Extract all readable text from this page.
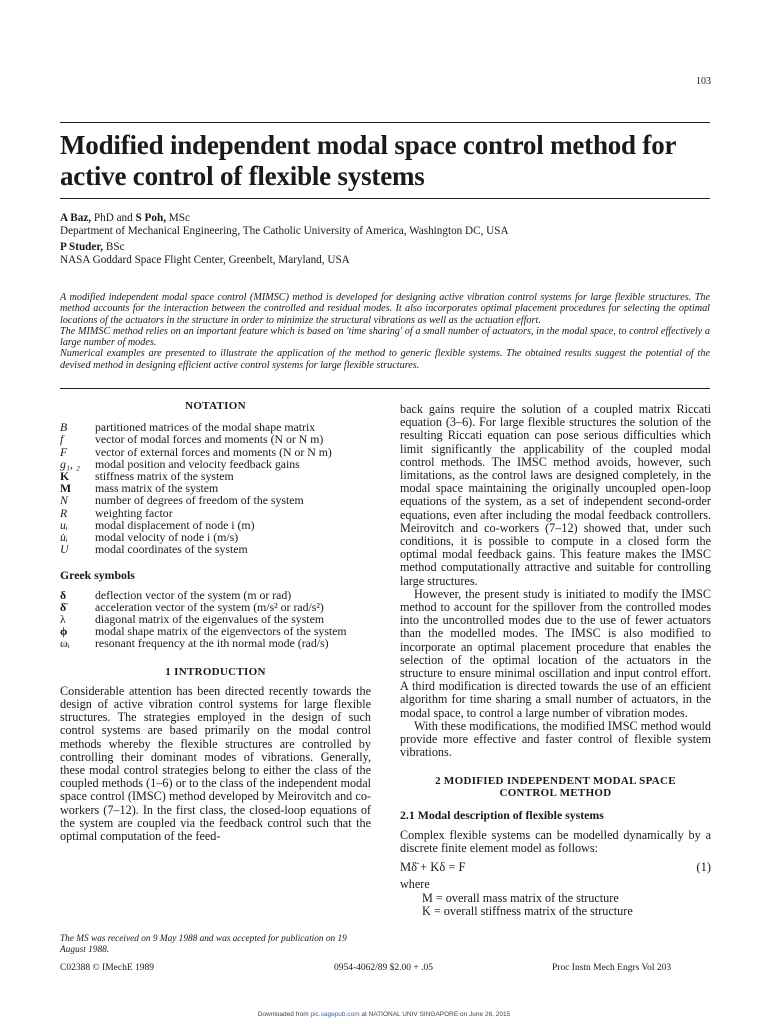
103
Modified independent modal space control method for active control of flexible systems
A Baz, PhD and S Poh, MSc
Department of Mechanical Engineering, The Catholic University of America, Washington DC, USA
P Studer, BSc
NASA Goddard Space Flight Center, Greenbelt, Maryland, USA

A modified independent modal space control (MIMSC) method is developed for designing active vibration control systems for large flexible structures. The method accounts for the interaction between the controlled and residual modes. It also incorporates optimal placement procedures for selecting the optimal locations of the actuators in the structure in order to minimize the structural vibrations as well as the actuation effort.

The MIMSC method relies on an important feature which is based on 'time sharing' of a small number of actuators, in the modal space, to control effectively a large number of modes.

Numerical examples are presented to illustrate the application of the method to generic flexible systems. The obtained results suggest the potential of the devised method in designing efficient active control systems for large flexible structures.

NOTATION
B	partitioned matrices of the modal shape matrix
f	vector of modal forces and moments (N or N m)
F	vector of external forces and moments (N or N m)
g₁, ₂	modal position and velocity feedback gains
K	stiffness matrix of the system
M	mass matrix of the system
N	number of degrees of freedom of the system
R	weighting factor
uᵢ	modal displacement of node i (m)
u̇ᵢ	modal velocity of node i (m/s)
U	modal coordinates of the system
Greek symbols
δ	deflection vector of the system (m or rad)
δ̈	acceleration vector of the system (m/s² or rad/s²)
λ	diagonal matrix of the eigenvalues of the system
ϕ	modal shape matrix of the eigenvectors of the system
ωᵢ	resonant frequency at the ith normal mode (rad/s)
1 INTRODUCTION

Considerable attention has been directed recently towards the design of active vibration control systems for large flexible structures. The strategies employed in the design of such control systems are based primarily on the modal control methods whereby the flexible structures are controlled by controlling their dominant modes of vibrations. Generally, these modal control strategies belong to either the class of the coupled methods (1–6) or to the class of the independent modal space control (IMSC) method developed by Meirovitch and co-workers (7–12). In the first class, the closed-loop equations of the system are coupled via the feedback control such that the optimal computation of the feed-

back gains require the solution of a coupled matrix Riccati equation (3–6). For large flexible structures the solution of the resulting Riccati equation can pose serious difficulties which limit significantly the applicability of the coupled modal control methods. The IMSC method avoids, however, such limitations, as the control laws are designed completely, in the modal space maintaining the originally uncoupled open-loop equations of the system, as a set of independent second-order equations, even after including the modal feedback controllers. Meirovitch and co-workers (7–12) showed that, under such conditions, it is possible to compute in a closed form the optimal modal feedback gains. This feature makes the IMSC method computationally attractive and suitable for controlling large structures.

However, the present study is initiated to modify the IMSC method to account for the spillover from the controlled modes into the uncontrolled modes due to the use of fewer actuators than the modelled modes. The IMSC is also modified to incorporate an optimal placement procedure that enables the selection of the optimal location of the actuators in the structure to ensure minimal oscillation and input control effort. A third modification is directed towards the use of an efficient algorithm for time sharing a small number of actuators, in the modal space, to control a large number of vibration modes.

With these modifications, the modified IMSC method would provide more effective and faster control of flexible system vibrations.

2 MODIFIED INDEPENDENT MODAL SPACE
CONTROL METHOD
2.1 Modal description of flexible systems

Complex flexible systems can be modelled dynamically by a discrete finite element model as follows:

Mδ̈ + Kδ = F	(1)
where
M = overall mass matrix of the structure
K = overall stiffness matrix of the structure
The MS was received on 9 May 1988 and was accepted for publication on 19 August 1988.
C02388 © IMechE 1989	0954-4062/89 $2.00 + .05	Proc Instn Mech Engrs Vol 203
Downloaded from pic.sagepub.com at NATIONAL UNIV SINGAPORE on June 26, 2015
